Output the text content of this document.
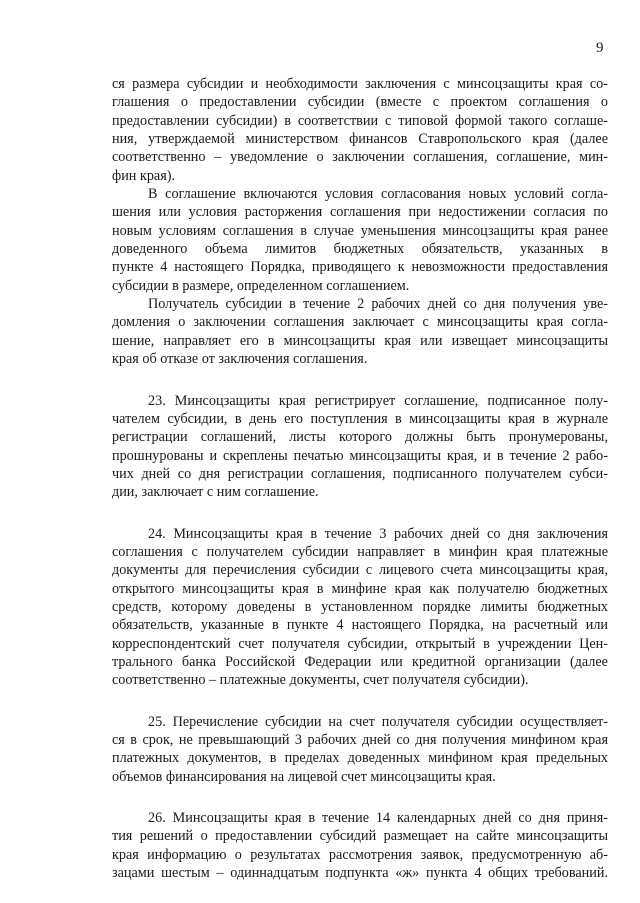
9
ся размера субсидии и необходимости заключения с минсоцзащиты края со-
глашения о предоставлении субсидии (вместе с проектом соглашения о
предоставлении субсидии) в соответствии с типовой формой такого соглаше-
ния, утверждаемой министерством финансов Ставропольского края (далее
соответственно – уведомление о заключении соглашения, соглашение, мин-
фин края).
В соглашение включаются условия согласования новых условий согла-
шения или условия расторжения соглашения при недостижении согласия по
новым условиям соглашения в случае уменьшения минсоцзащиты края ранее
доведенного объема лимитов бюджетных обязательств, указанных в
пункте 4 настоящего Порядка, приводящего к невозможности предоставления
субсидии в размере, определенном соглашением.
Получатель субсидии в течение 2 рабочих дней со дня получения уве-
домления о заключении соглашения заключает с минсоцзащиты края согла-
шение, направляет его в минсоцзащиты края или извещает минсоцзащиты
края об отказе от заключения соглашения.
23. Минсоцзащиты края регистрирует соглашение, подписанное полу-
чателем субсидии, в день его поступления в минсоцзащиты края в журнале
регистрации соглашений, листы которого должны быть пронумерованы,
прошнурованы и скреплены печатью минсоцзащиты края, и в течение 2 рабо-
чих дней со дня регистрации соглашения, подписанного получателем субси-
дии, заключает с ним соглашение.
24. Минсоцзащиты края в течение 3 рабочих дней со дня заключения
соглашения с получателем субсидии направляет в минфин края платежные
документы для перечисления субсидии с лицевого счета минсоцзащиты края,
открытого минсоцзащиты края в минфине края как получателю бюджетных
средств, которому доведены в установленном порядке лимиты бюджетных
обязательств, указанные в пункте 4 настоящего Порядка, на расчетный или
корреспондентский счет получателя субсидии, открытый в учреждении Цен-
трального банка Российской Федерации или кредитной организации (далее
соответственно – платежные документы, счет получателя субсидии).
25. Перечисление субсидии на счет получателя субсидии осуществляет-
ся в срок, не превышающий 3 рабочих дней со дня получения минфином края
платежных документов, в пределах доведенных минфином края предельных
объемов финансирования на лицевой счет минсоцзащиты края.
26. Минсоцзащиты края в течение 14 календарных дней со дня приня-
тия решений о предоставлении субсидий размещает на сайте минсоцзащиты
края информацию о результатах рассмотрения заявок, предусмотренную аб-
зацами шестым – одиннадцатым подпункта «ж» пункта 4 общих требований.
